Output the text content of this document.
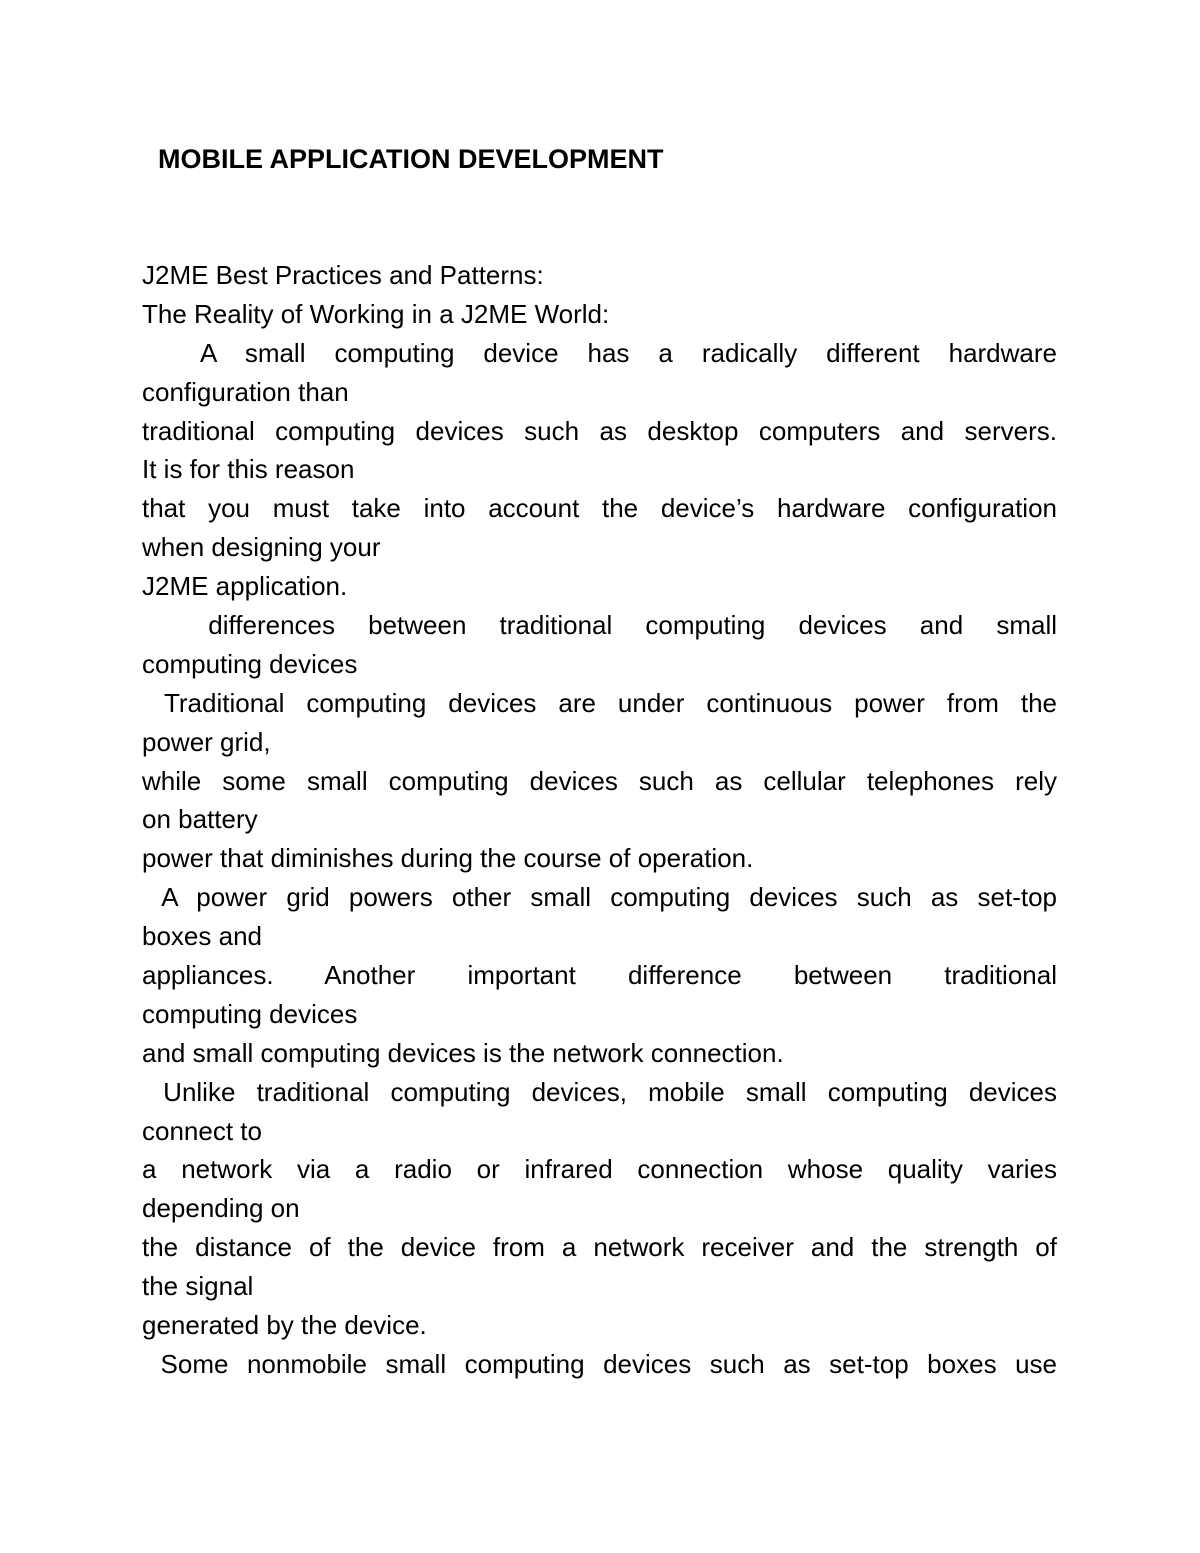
MOBILE APPLICATION DEVELOPMENT
J2ME Best Practices and Patterns:
The Reality of Working in a J2ME World:
A small computing device has a radically different hardware
configuration than
traditional computing devices such as desktop computers and servers.
It is for this reason
that you must take into account the device’s hardware configuration
when designing your
J2ME application.
differences between traditional computing devices and small
computing devices
Traditional computing devices are under continuous power from the
power grid,
while some small computing devices such as cellular telephones rely
on battery
power that diminishes during the course of operation.
A power grid powers other small computing devices such as set-top
boxes and
appliances. Another important difference between traditional
computing devices
and small computing devices is the network connection.
Unlike traditional computing devices, mobile small computing devices
connect to
a network via a radio or infrared connection whose quality varies
depending on
the distance of the device from a network receiver and the strength of
the signal
generated by the device.
Some nonmobile small computing devices such as set-top boxes use
